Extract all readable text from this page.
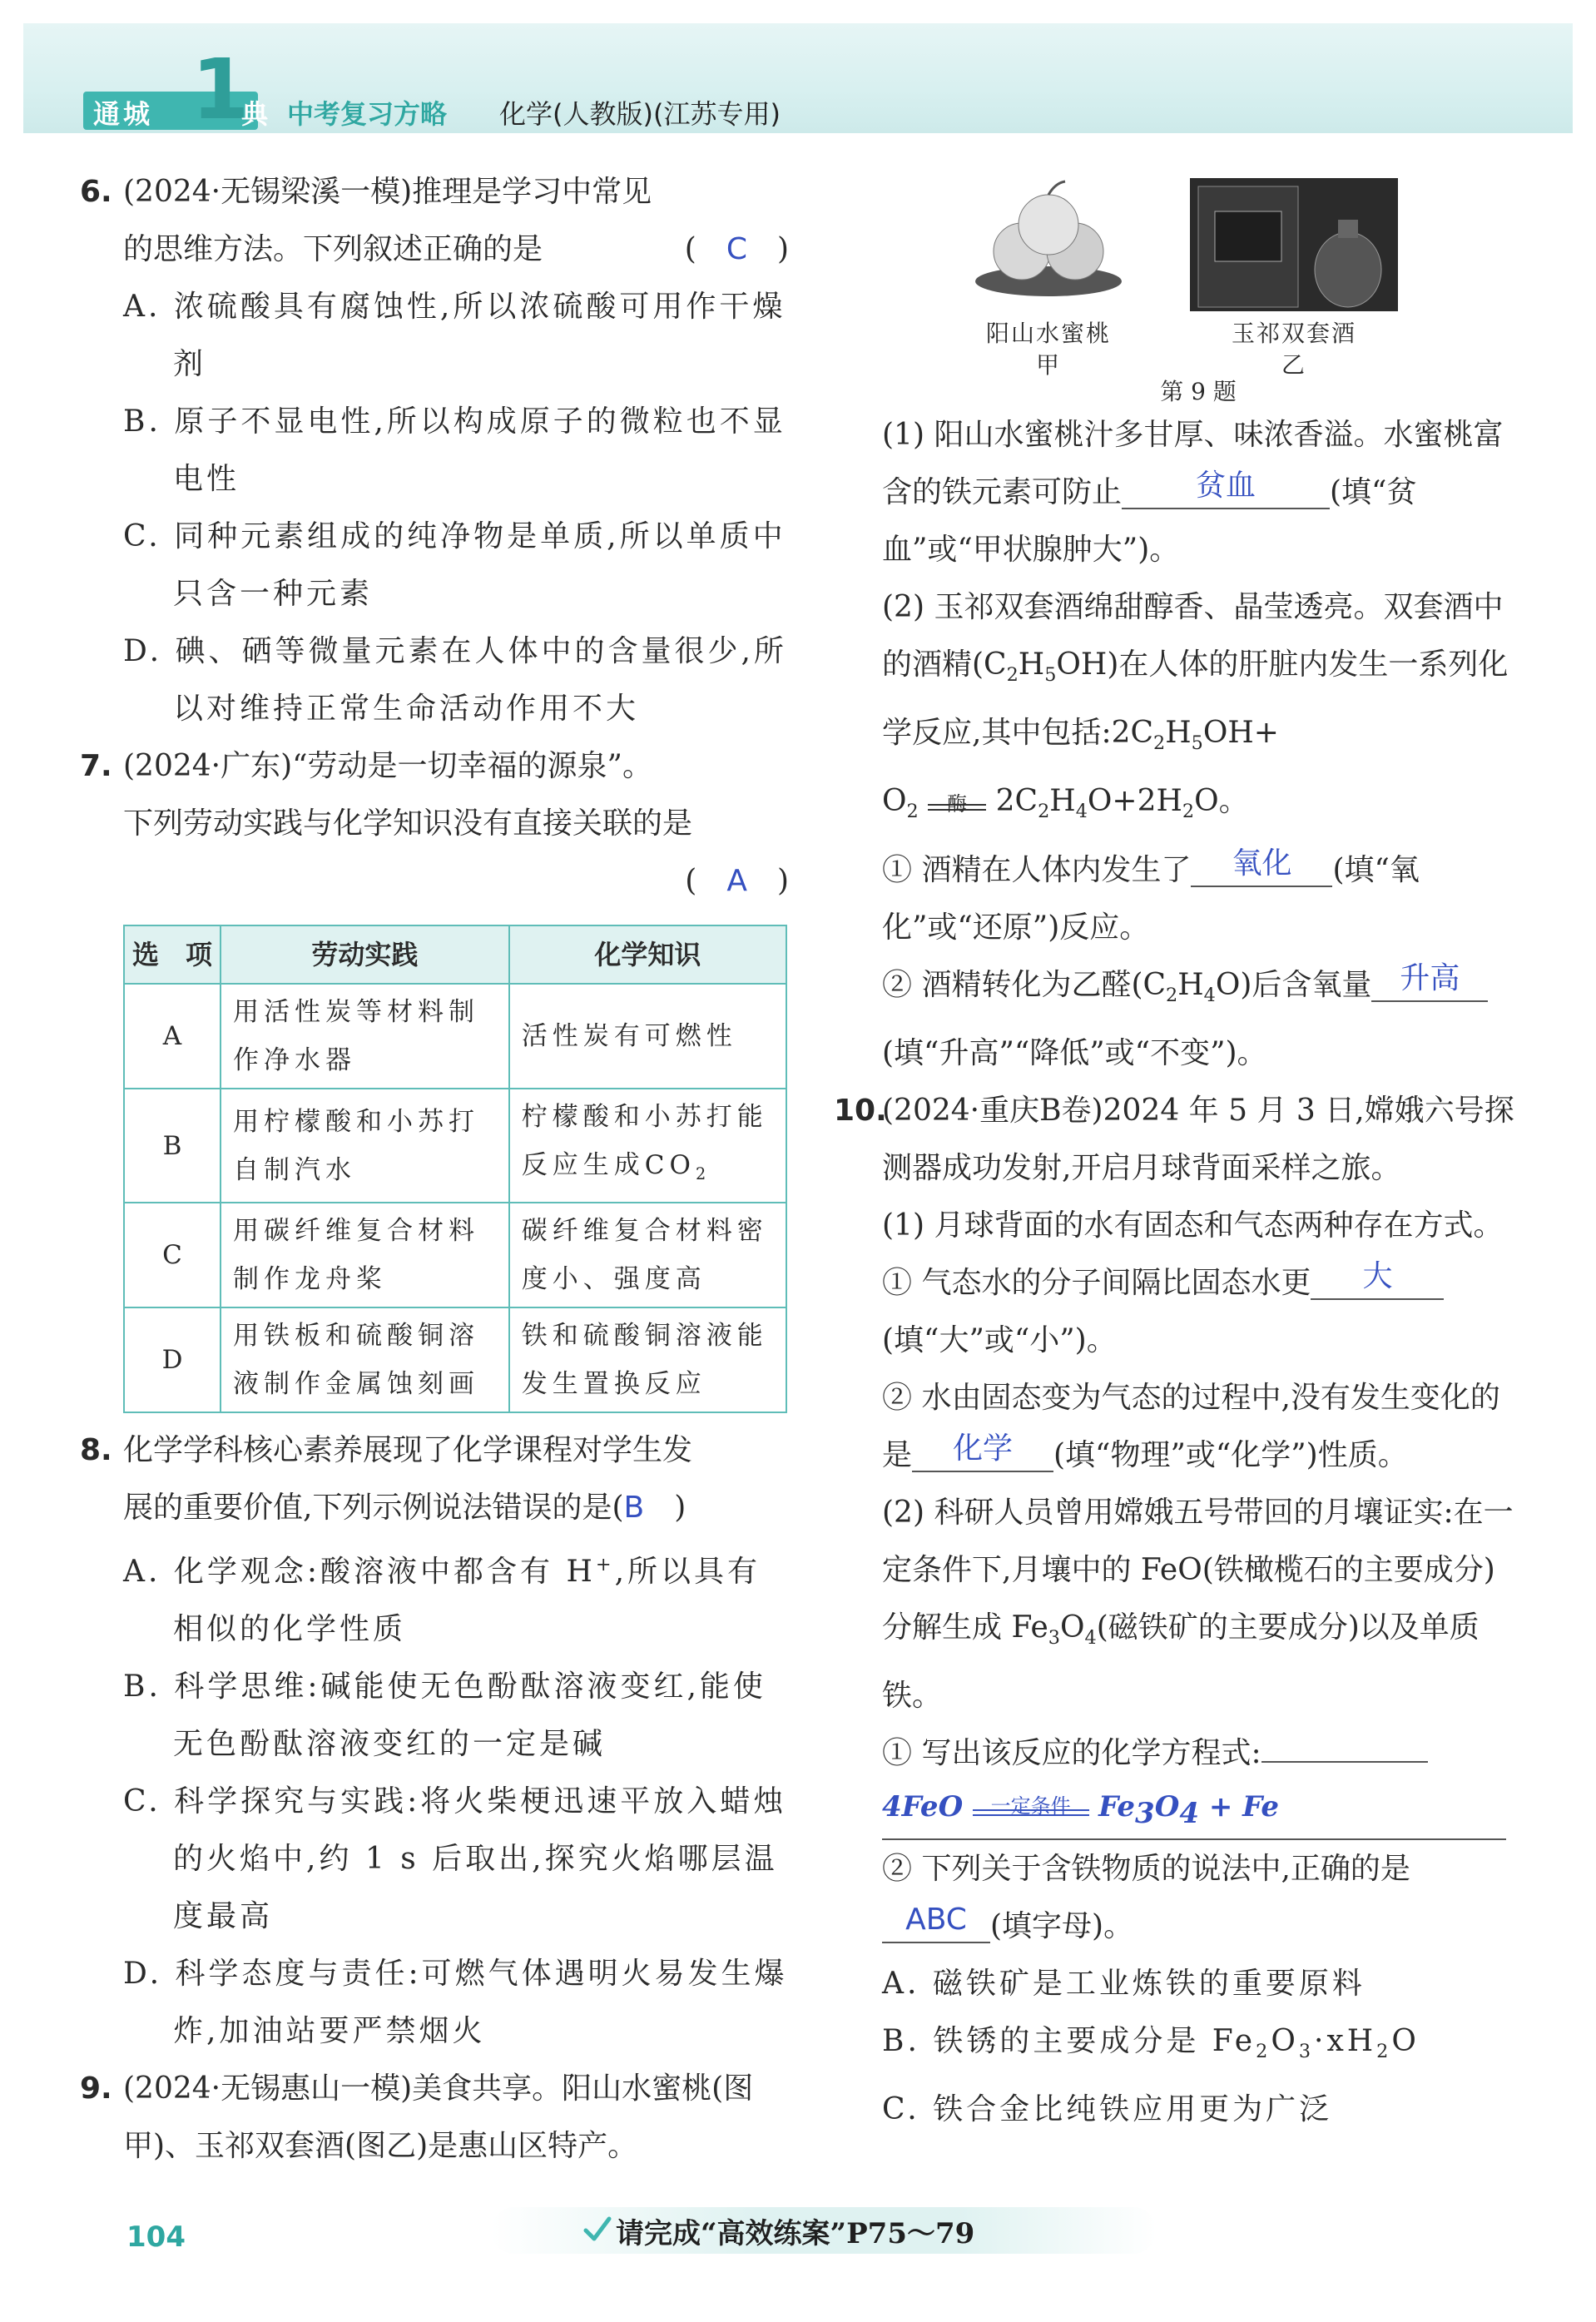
通城 1
典 中考复习方略 化学(人教版)(江苏专用)
6. (2024·无锡梁溪一模)推理是学习中常见
的思维方法。下列叙述正确的是	(　C　)
A. 浓硫酸具有腐蚀性,所以浓硫酸可用作干燥剂
B. 原子不显电性,所以构成原子的微粒也不显电性
C. 同种元素组成的纯净物是单质,所以单质中只含一种元素
D. 碘、硒等微量元素在人体中的含量很少,所以对维持正常生命活动作用不大
7. (2024·广东)“劳动是一切幸福的源泉”。
下列劳动实践与化学知识没有直接关联的是
(　A　)
选　项	劳动实践	化学知识
A	用活性炭等材料制作净水器	活性炭有可燃性
B	用柠檬酸和小苏打自制汽水	柠檬酸和小苏打能反应生成$CO_2$
C	用碳纤维复合材料制作龙舟桨	碳纤维复合材料密度小、强度高
D	用铁板和硫酸铜溶液制作金属蚀刻画	铁和硫酸铜溶液能发生置换反应
8. 化学学科核心素养展现了化学课程对学生发
展的重要价值,下列示例说法错误的是(B　)
A. 化学观念:酸溶液中都含有 H+,所以具有相似的化学性质
B. 科学思维:碱能使无色酚酞溶液变红,能使无色酚酞溶液变红的一定是碱
C. 科学探究与实践:将火柴梗迅速平放入蜡烛的火焰中,约 1 s 后取出,探究火焰哪层温度最高
D. 科学态度与责任:可燃气体遇明火易发生爆炸,加油站要严禁烟火
9. (2024·无锡惠山一模)美食共享。阳山水蜜桃(图甲)、玉祁双套酒(图乙)是惠山区特产。
阳山水蜜桃
甲
玉祁双套酒
乙
第 9 题
(1) 阳山水蜜桃汁多甘厚、味浓香溢。水蜜桃富含的铁元素可防止 贫血 (填“贫血”或“甲状腺肿大”)。
(2) 玉祁双套酒绵甜醇香、晶莹透亮。双套酒中的酒精$(C_2H_5OH)$在人体的肝脏内发生一系列化学反应,其中包括$:2C_2H_5OH+$
$O_2$	酶 $2C_2H_4O+2H_2O$。
① 酒精在人体内发生了 氧化 (填“氧化”或“还原”)反应。
② 酒精转化为乙醛$(C_2H_4O)$后含氧量 升高(填“升高”“降低”或“不变”)。
10.
(2024·重庆B卷)2024 年 5 月 3 日,嫦娥六号探测器成功发射,开启月球背面采样之旅。
(1) 月球背面的水有固态和气态两种存在方式。
① 气态水的分子间隔比固态水更 大(填“大”或“小”)。
② 水由固态变为气态的过程中,没有发生变化的是 化学 (填“物理”或“化学”)性质。
(2) 科研人员曾用嫦娥五号带回的月壤证实:在一定条件下,月壤中的 FeO(铁橄榄石的主要成分)分解生成 $Fe_3O_4$(磁铁矿的主要成分)以及单质铁。
① 写出该反应的化学方程式:
4FeO	一定条件 $Fe_3O_4 + Fe$
② 下列关于含铁物质的说法中,正确的是
ABC (填字母)。
A. 磁铁矿是工业炼铁的重要原料
B. 铁锈的主要成分是 $Fe_2O_3\cdot xH_2O$
C. 铁合金比纯铁应用更为广泛
104	请完成“高效练案”P75～79
